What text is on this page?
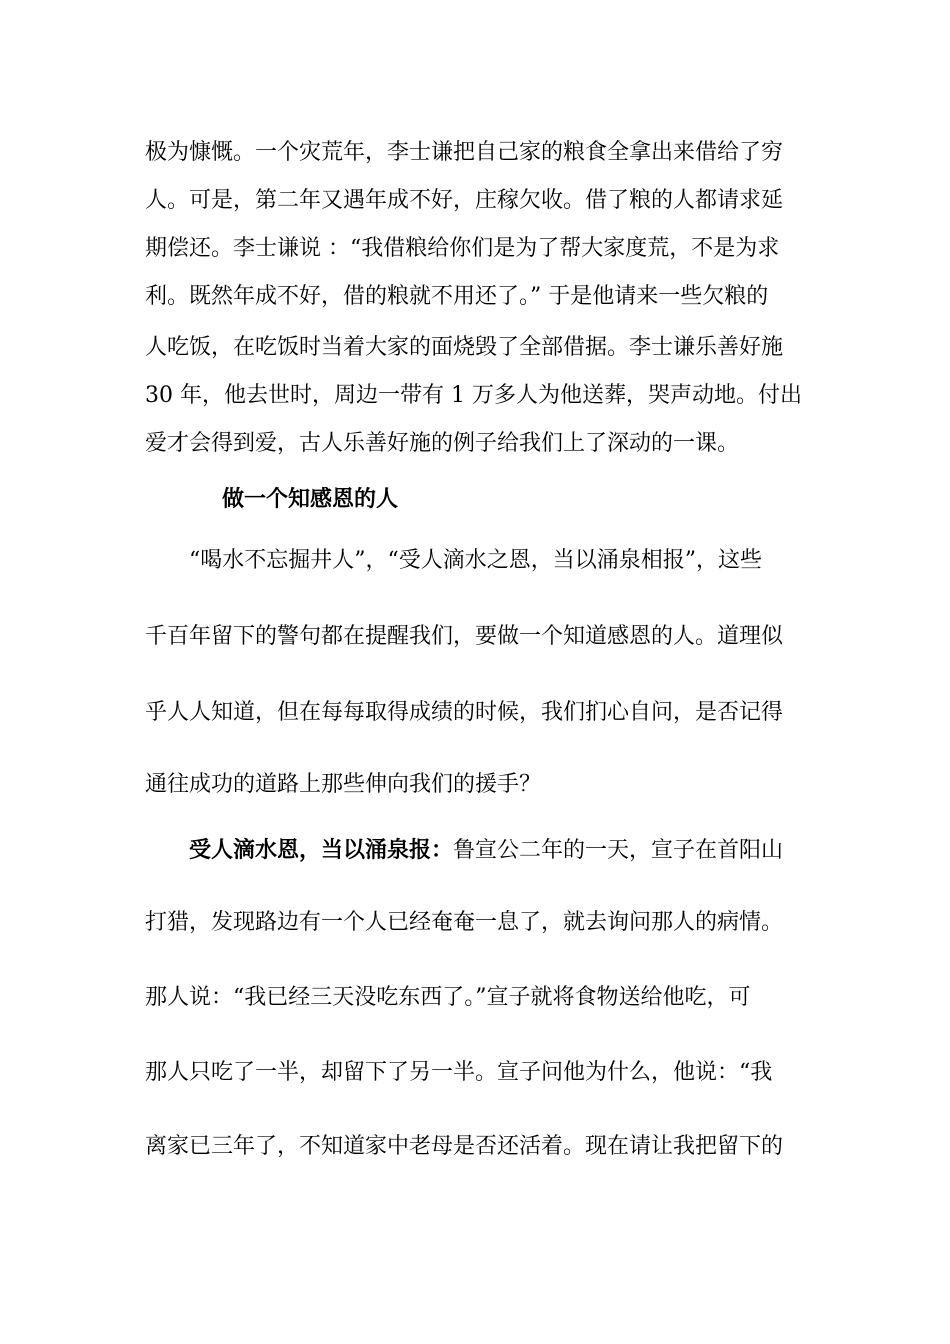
极为慷慨。一个灾荒年，李士谦把自己家的粮食全拿出来借给了穷
人。可是，第二年又遇年成不好，庄稼欠收。借了粮的人都请求延
期偿还。李士谦说 ：“我借粮给你们是为了帮大家度荒，不是为求
利。既然年成不好，借的粮就不用还了。” 于是他请来一些欠粮的
人吃饭，在吃饭时当着大家的面烧毁了全部借据。李士谦乐善好施
30 年，他去世时，周边一带有 1 万多人为他送葬，哭声动地。付出
爱才会得到爱，古人乐善好施的例子给我们上了深动的一课。
做一个知感恩的人
“喝水不忘掘井人”，“受人滴水之恩，当以涌泉相报”，这些
千百年留下的警句都在提醒我们，要做一个知道感恩的人。道理似
乎人人知道，但在每每取得成绩的时候，我们扪心自问，是否记得
通往成功的道路上那些伸向我们的援手？
受人滴水恩，当以涌泉报：鲁宣公二年的一天，宣子在首阳山
打猎，发现路边有一个人已经奄奄一息了，就去询问那人的病情。
那人说：“我已经三天没吃东西了。”宣子就将食物送给他吃，可
那人只吃了一半，却留下了另一半。宣子问他为什么，他说：“我
离家已三年了，不知道家中老母是否还活着。现在请让我把留下的
